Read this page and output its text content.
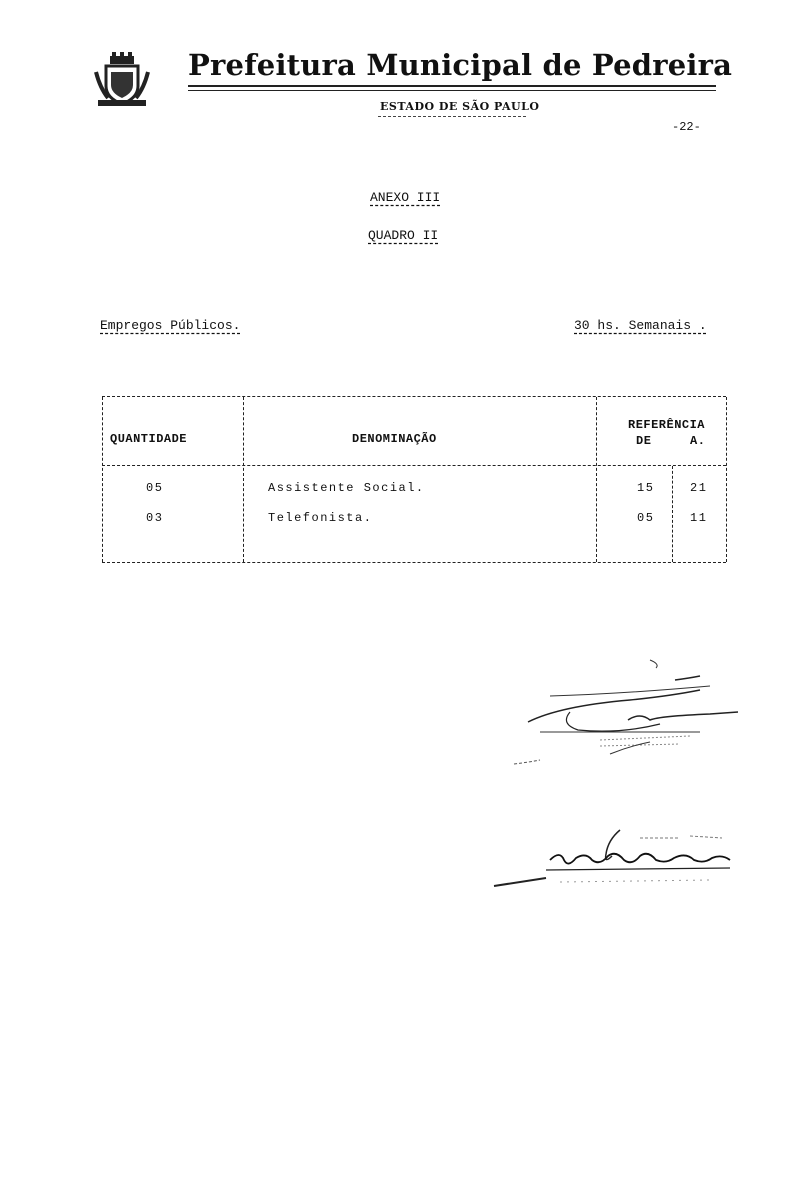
Prefeitura Municipal de Pedreira
ESTADO DE SÃO PAULO
-22-
ANEXO III
QUADRO II
Empregos Públicos.	30 hs. Semanais .
QUANTIDADE	DENOMINAÇÃO
REFERÊNCIA
DE	A.
05	Assistente Social.	15	21
03	Telefonista.	05	11
